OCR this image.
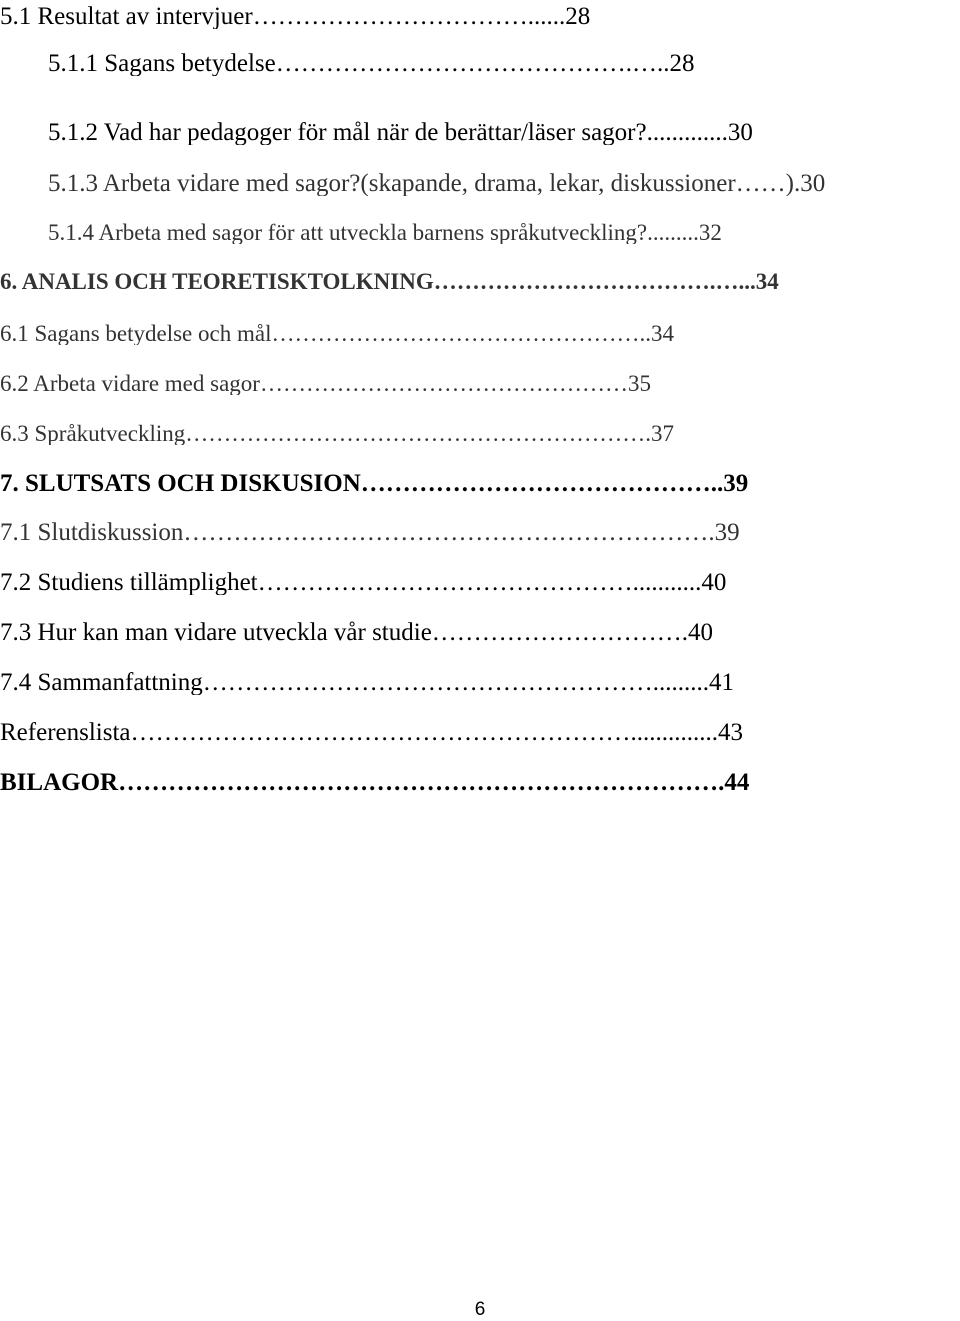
5.1 Resultat av intervjuer……………………………......28
5.1.1 Sagans betydelse…………………………………….…..28
5.1.2 Vad har pedagoger för mål när de berättar/läser sagor?.............30
5.1.3 Arbeta vidare med sagor?(skapande, drama, lekar, diskussioner……).30
5.1.4 Arbeta med sagor för att utveckla barnens språkutveckling?.........32
6. ANALIS OCH TEORETISKTOLKNING……………………………….…...34
6.1 Sagans betydelse och mål…………………………………………..34
6.2 Arbeta vidare med sagor…………………………………………35
6.3 Språkutveckling…………………………………………………….37
7. SLUTSATS OCH DISKUSION……………………………………..39
7.1 Slutdiskussion……………………………………………………….39
7.2 Studiens tillämplighet………………………………………...........40
7.3 Hur kan man vidare utveckla vår studie………………………….40
7.4 Sammanfattning……………………………………………….........41
Referenslista……………………………………………………..............43
BILAGOR……………………………………………………………….44
6
